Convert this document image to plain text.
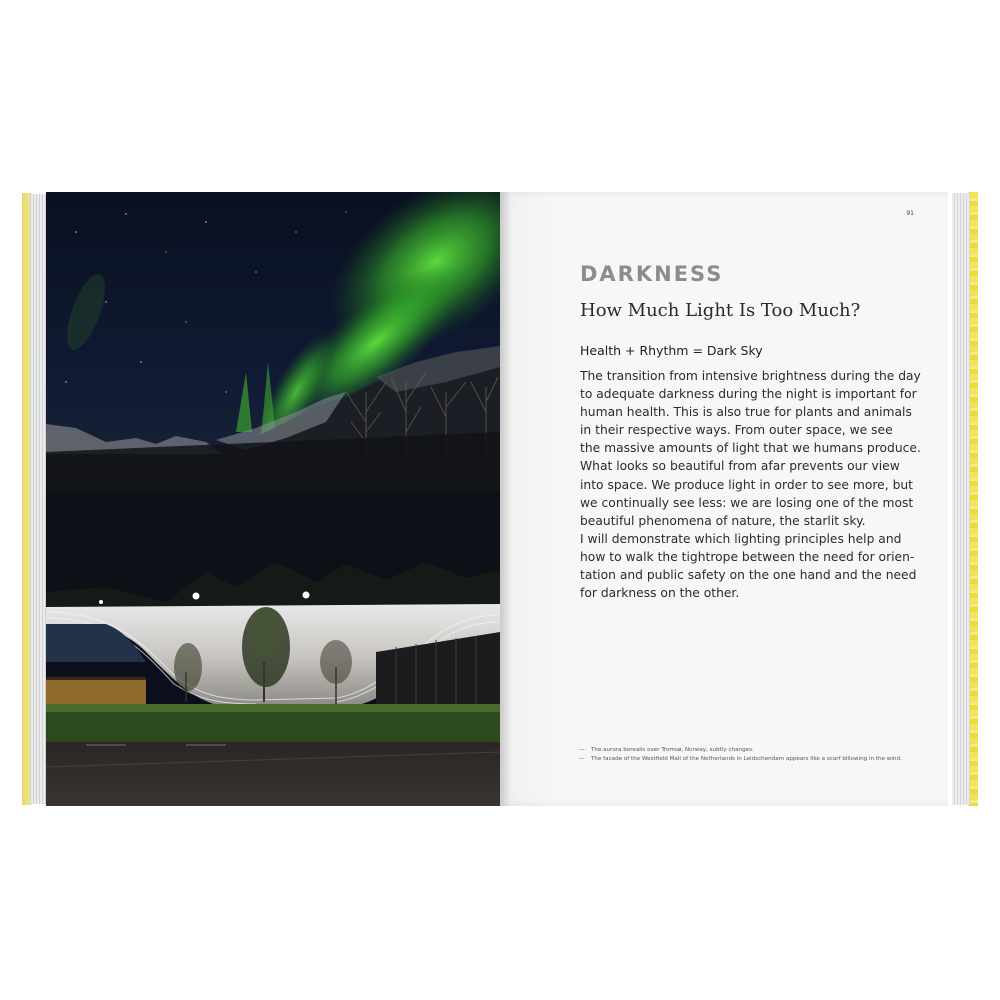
91
DARKNESS
How Much Light Is Too Much?
Health + Rhythm = Dark Sky

The transition from intensive brightness during the day
to adequate darkness during the night is important for
human health. This is also true for plants and animals
in their respective ways. From outer space, we see
the massive amounts of light that we humans produce.
What looks so beautiful from afar prevents our view
into space. We produce light in order to see more, but
we continually see less: we are losing one of the most
beautiful phenomena of nature, the starlit sky.
I will demonstrate which lighting principles help and
how to walk the tightrope between the need for orien-
tation and public safety on the one hand and the need
for darkness on the other.

—	The aurora borealis over Tromsø, Norway, subtly changes.
—	The facade of the Westfield Mall of the Netherlands in Leidschendam appears like a scarf billowing in the wind.
